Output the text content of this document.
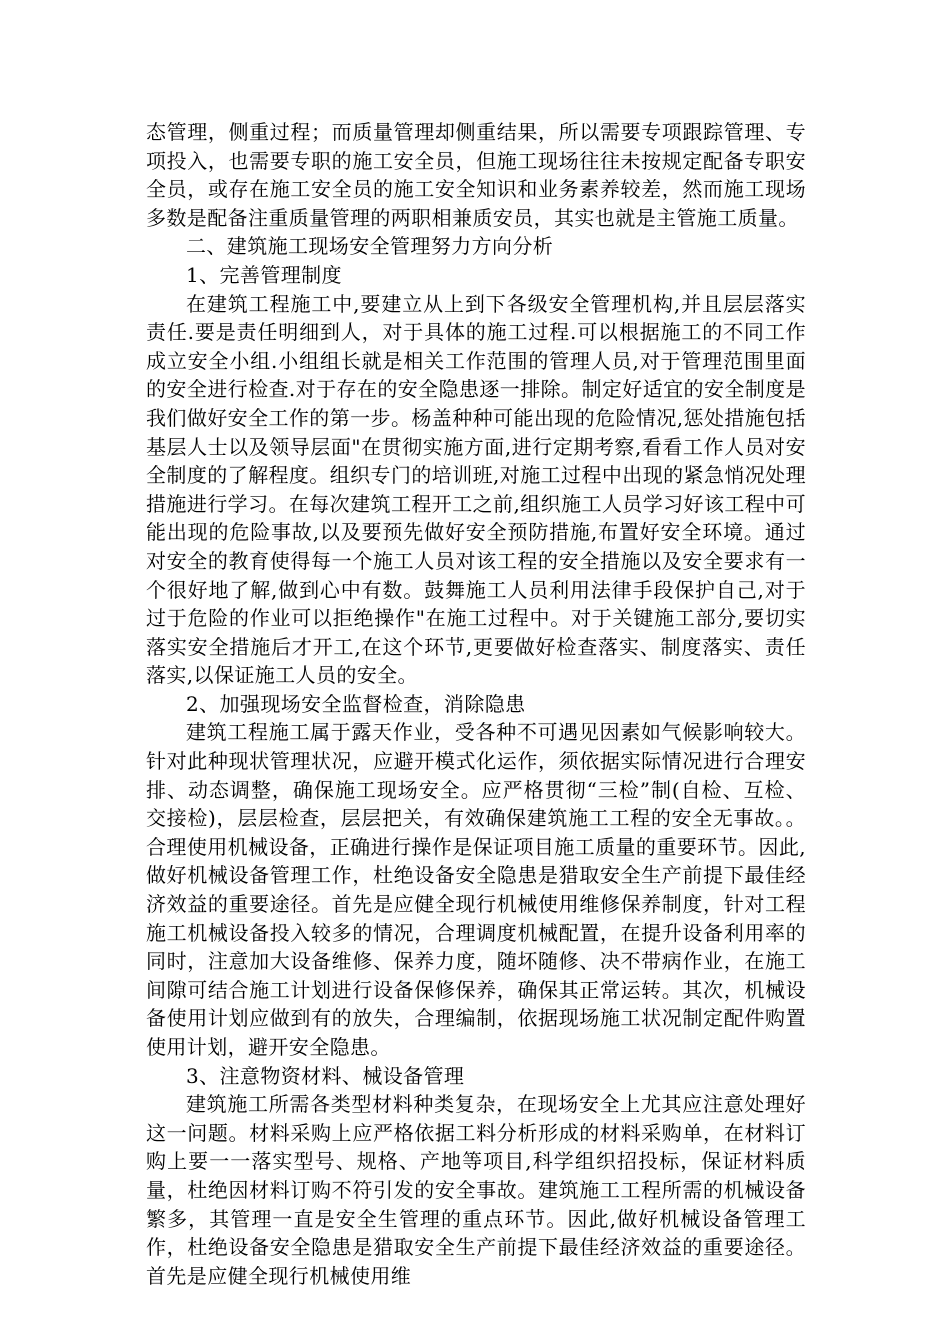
态管理，侧重过程；而质量管理却侧重结果，所以需要专项跟踪管理、专项投入，也需要专职的施工安全员，但施工现场往往未按规定配备专职安全员，或存在施工安全员的施工安全知识和业务素养较差，然而施工现场多数是配备注重质量管理的两职相兼质安员，其实也就是主管施工质量。

二、建筑施工现场安全管理努力方向分析

1、完善管理制度

在建筑工程施工中,要建立从上到下各级安全管理机构,并且层层落实责任.要是责任明细到人，对于具体的施工过程.可以根据施工的不同工作成立安全小组.小组组长就是相关工作范围的管理人员,对于管理范围里面的安全进行检查.对于存在的安全隐患逐一排除。制定好适宜的安全制度是我们做好安全工作的第一步。杨盖种种可能出现的危险情况,惩处措施包括基层人士以及领导层面"在贯彻实施方面,进行定期考察,看看工作人员对安全制度的了解程度。组织专门的培训班,对施工过程中出现的紧急悄况处理措施进行学习。在每次建筑工程开工之前,组织施工人员学习好该工程中可能出现的危险事故,以及要预先做好安全预防措施,布置好安全环境。通过对安全的教育使得每一个施工人员对该工程的安全措施以及安全要求有一个很好地了解,做到心中有数。鼓舞施工人员利用法律手段保护自己,对于过于危险的作业可以拒绝操作"在施工过程中。对于关键施工部分,要切实落实安全措施后才开工,在这个环节,更要做好检查落实、制度落实、责任落实,以保证施工人员的安全。

2、加强现场安全监督检查，消除隐患

建筑工程施工属于露天作业，受各种不可遇见因素如气候影响较大。针对此种现状管理状况，应避开模式化运作，须依据实际情况进行合理安排、动态调整，确保施工现场安全。应严格贯彻“三检”制(自检、互检、交接检)，层层检查，层层把关，有效确保建筑施工工程的安全无事故。。合理使用机械设备，正确进行操作是保证项目施工质量的重要环节。因此,做好机械设备管理工作，杜绝设备安全隐患是猎取安全生产前提下最佳经济效益的重要途径。首先是应健全现行机械使用维修保养制度，针对工程施工机械设备投入较多的情况，合理调度机械配置，在提升设备利用率的同时，注意加大设备维修、保养力度，随坏随修、决不带病作业，在施工间隙可结合施工计划进行设备保修保养，确保其正常运转。其次，机械设备使用计划应做到有的放失，合理编制，依据现场施工状况制定配件购置使用计划，避开安全隐患。

3、注意物资材料、械设备管理

建筑施工所需各类型材料种类复杂，在现场安全上尤其应注意处理好这一问题。材料采购上应严格依据工料分析形成的材料采购单，在材料订购上要一一落实型号、规格、产地等项目,科学组织招投标，保证材料质量，杜绝因材料订购不符引发的安全事故。建筑施工工程所需的机械设备繁多，其管理一直是安全生管理的重点环节。因此,做好机械设备管理工作，杜绝设备安全隐患是猎取安全生产前提下最佳经济效益的重要途径。首先是应健全现行机械使用维
